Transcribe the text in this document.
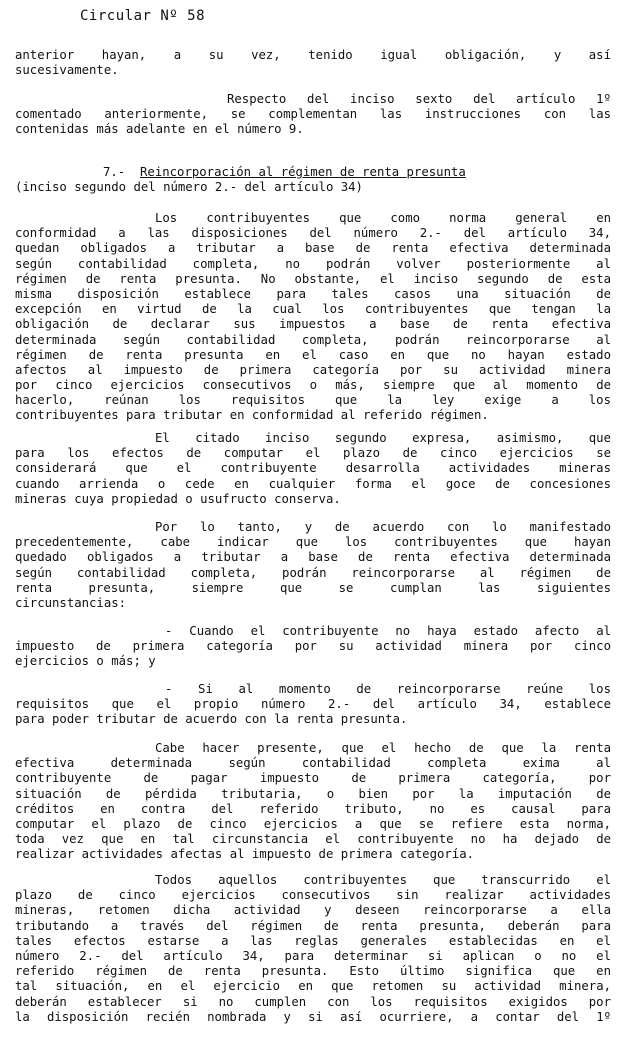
Circular Nº 58
anterior hayan, a su vez, tenido igual obligación, y así
sucesivamente.
Respecto del inciso sexto del artículo 1º
comentado anteriormente, se complementan las instrucciones con las
contenidas más adelante en el número 9.
7.- Reincorporación al régimen de renta presunta
(inciso segundo del número 2.- del artículo 34)
Los contribuyentes que como norma general en
conformidad a las disposiciones del número 2.- del artículo 34,
quedan obligados a tributar a base de renta efectiva determinada
según contabilidad completa, no podrán volver posteriormente al
régimen de renta presunta. No obstante, el inciso segundo de esta
misma disposición establece para tales casos una situación de
excepción en virtud de la cual los contribuyentes que tengan la
obligación de declarar sus impuestos a base de renta efectiva
determinada según contabilidad completa, podrán reincorporarse al
régimen de renta presunta en el caso en que no hayan estado
afectos al impuesto de primera categoría por su actividad minera
por cinco ejercicios consecutivos o más, siempre que al momento de
hacerlo, reúnan los requisitos que la ley exige a los
contribuyentes para tributar en conformidad al referido régimen.
El citado inciso segundo expresa, asimismo, que
para los efectos de computar el plazo de cinco ejercicios se
considerará que el contribuyente desarrolla actividades mineras
cuando arrienda o cede en cualquier forma el goce de concesiones
mineras cuya propiedad o usufructo conserva.
Por lo tanto, y de acuerdo con lo manifestado
precedentemente, cabe indicar que los contribuyentes que hayan
quedado obligados a tributar a base de renta efectiva determinada
según contabilidad completa, podrán reincorporarse al régimen de
renta presunta, siempre que se cumplan las siguientes
circunstancias:
- Cuando el contribuyente no haya estado afecto al
impuesto de primera categoría por su actividad minera por cinco
ejercicios o más; y
- Si al momento de reincorporarse reúne los
requisitos que el propio número 2.- del artículo 34, establece
para poder tributar de acuerdo con la renta presunta.
Cabe hacer presente, que el hecho de que la renta
efectiva determinada según contabilidad completa exima al
contribuyente de pagar impuesto de primera categoría, por
situación de pérdida tributaria, o bien por la imputación de
créditos en contra del referido tributo, no es causal para
computar el plazo de cinco ejercicios a que se refiere esta norma,
toda vez que en tal circunstancia el contribuyente no ha dejado de
realizar actividades afectas al impuesto de primera categoría.
Todos aquellos contribuyentes que transcurrido el
plazo de cinco ejercicios consecutivos sin realizar actividades
mineras, retomen dicha actividad y deseen reincorporarse a ella
tributando a través del régimen de renta presunta, deberán para
tales efectos estarse a las reglas generales establecidas en el
número 2.- del artículo 34, para determinar si aplican o no el
referido régimen de renta presunta. Esto último significa que en
tal situación, en el ejercicio en que retomen su actividad minera,
deberán establecer si no cumplen con los requisitos exigidos por
la disposición recién nombrada y si así ocurriere, a contar del 1º
